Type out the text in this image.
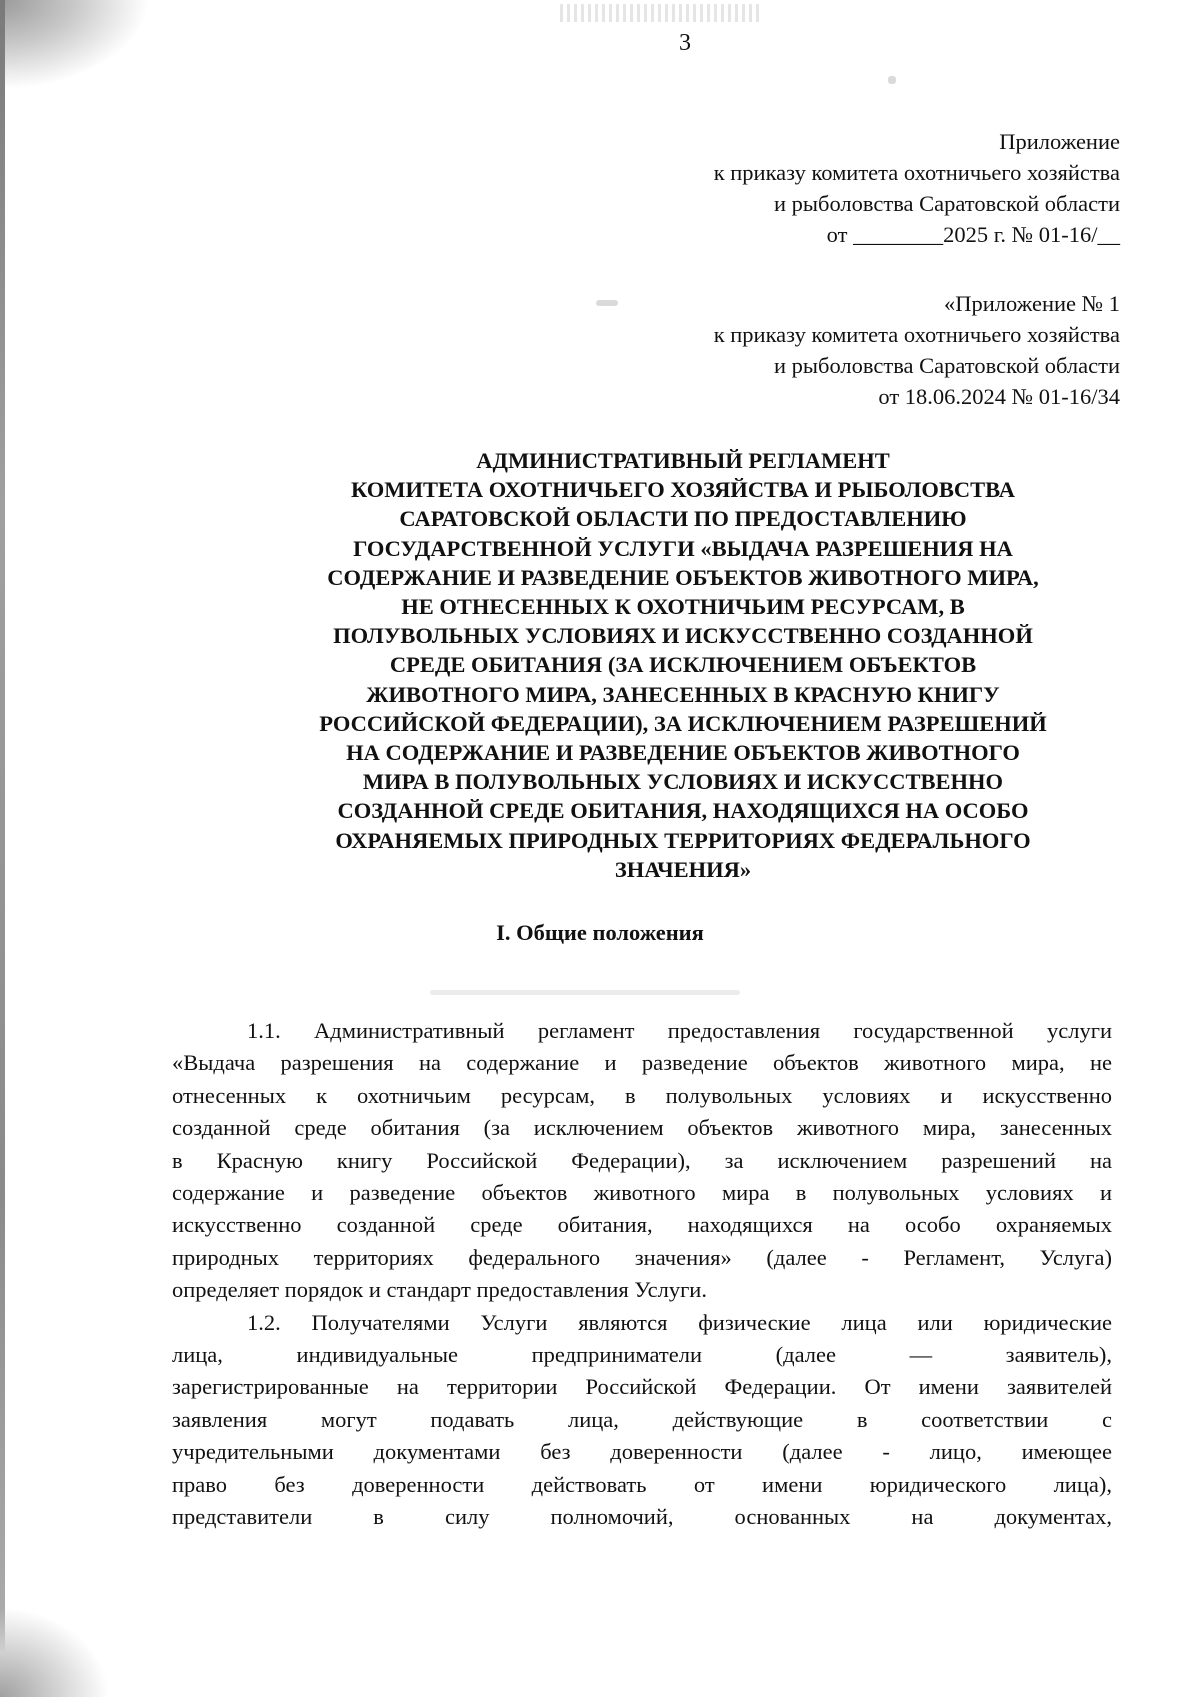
3
Приложение
к приказу комитета охотничьего хозяйства
и рыболовства Саратовской области
от ________2025 г. № 01-16/__
«Приложение № 1
к приказу комитета охотничьего хозяйства
и рыболовства Саратовской области
от 18.06.2024 № 01-16/34
АДМИНИСТРАТИВНЫЙ РЕГЛАМЕНТ
КОМИТЕТА ОХОТНИЧЬЕГО ХОЗЯЙСТВА И РЫБОЛОВСТВА
САРАТОВСКОЙ ОБЛАСТИ ПО ПРЕДОСТАВЛЕНИЮ
ГОСУДАРСТВЕННОЙ УСЛУГИ «ВЫДАЧА РАЗРЕШЕНИЯ НА
СОДЕРЖАНИЕ И РАЗВЕДЕНИЕ ОБЪЕКТОВ ЖИВОТНОГО МИРА,
НЕ ОТНЕСЕННЫХ К ОХОТНИЧЬИМ РЕСУРСАМ, В
ПОЛУВОЛЬНЫХ УСЛОВИЯХ И ИСКУССТВЕННО СОЗДАННОЙ
СРЕДЕ ОБИТАНИЯ (ЗА ИСКЛЮЧЕНИЕМ ОБЪЕКТОВ
ЖИВОТНОГО МИРА, ЗАНЕСЕННЫХ В КРАСНУЮ КНИГУ
РОССИЙСКОЙ ФЕДЕРАЦИИ), ЗА ИСКЛЮЧЕНИЕМ РАЗРЕШЕНИЙ
НА СОДЕРЖАНИЕ И РАЗВЕДЕНИЕ ОБЪЕКТОВ ЖИВОТНОГО
МИРА В ПОЛУВОЛЬНЫХ УСЛОВИЯХ И ИСКУССТВЕННО
СОЗДАННОЙ СРЕДЕ ОБИТАНИЯ, НАХОДЯЩИХСЯ НА ОСОБО
ОХРАНЯЕМЫХ ПРИРОДНЫХ ТЕРРИТОРИЯХ ФЕДЕРАЛЬНОГО
ЗНАЧЕНИЯ»
I. Общие положения
1.1. Административный регламент предоставления государственной услуги
«Выдача разрешения на содержание и разведение объектов животного мира, не
отнесенных к охотничьим ресурсам, в полувольных условиях и искусственно
созданной среде обитания (за исключением объектов животного мира, занесенных
в Красную книгу Российской Федерации), за исключением разрешений на
содержание и разведение объектов животного мира в полувольных условиях и
искусственно созданной среде обитания, находящихся на особо охраняемых
природных территориях федерального значения» (далее - Регламент, Услуга)
определяет порядок и стандарт предоставления Услуги.
1.2. Получателями Услуги являются физические лица или юридические
лица, индивидуальные предприниматели (далее — заявитель),
зарегистрированные на территории Российской Федерации. От имени заявителей
заявления могут подавать лица, действующие в соответствии с
учредительными документами без доверенности (далее - лицо, имеющее
право без доверенности действовать от имени юридического лица),
представители в силу полномочий, основанных на документах,
